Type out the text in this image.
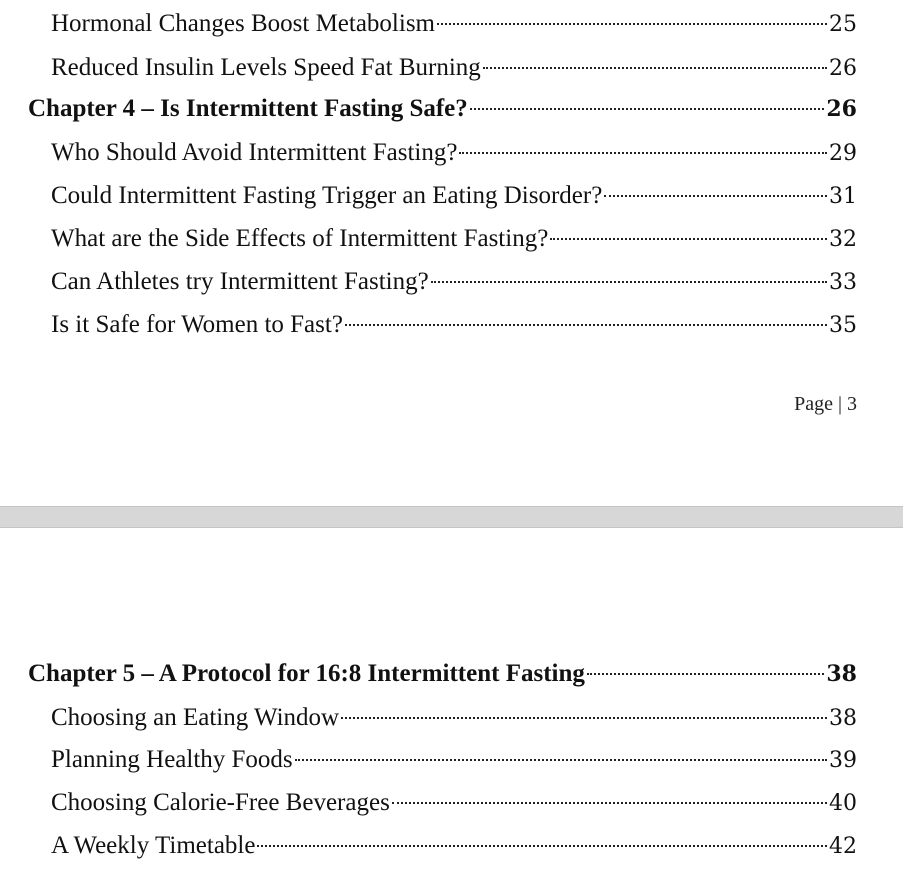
Hormonal Changes Boost Metabolism	25
Reduced Insulin Levels Speed Fat Burning	26
Chapter 4 – Is Intermittent Fasting Safe?	26
Who Should Avoid Intermittent Fasting?	29
Could Intermittent Fasting Trigger an Eating Disorder?	31
What are the Side Effects of Intermittent Fasting?	32
Can Athletes try Intermittent Fasting?	33
Is it Safe for Women to Fast?	35
Page | 3
Chapter 5 – A Protocol for 16:8 Intermittent Fasting	38
Choosing an Eating Window	38
Planning Healthy Foods	39
Choosing Calorie-Free Beverages	40
A Weekly Timetable	42
